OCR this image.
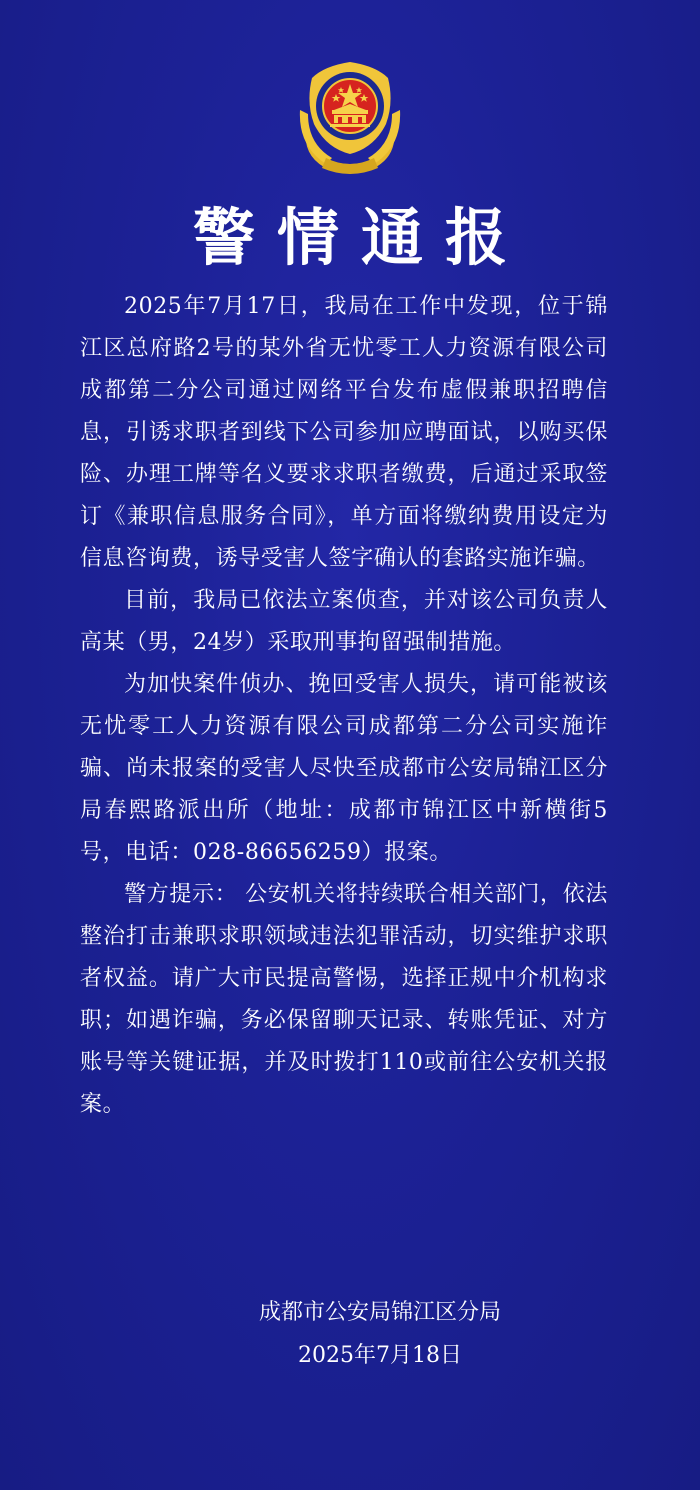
警情通报

2025年7月17日，我局在工作中发现，位于锦江区总府路2号的某外省无忧零工人力资源有限公司成都第二分公司通过网络平台发布虚假兼职招聘信息，引诱求职者到线下公司参加应聘面试，以购买保险、办理工牌等名义要求求职者缴费，后通过采取签订《兼职信息服务合同》，单方面将缴纳费用设定为信息咨询费，诱导受害人签字确认的套路实施诈骗。

目前，我局已依法立案侦查，并对该公司负责人高某（男，24岁）采取刑事拘留强制措施。

为加快案件侦办、挽回受害人损失，请可能被该无忧零工人力资源有限公司成都第二分公司实施诈骗、尚未报案的受害人尽快至成都市公安局锦江区分局春熙路派出所（地址：成都市锦江区中新横街5号，电话：028-86656259）报案。

警方提示： 公安机关将持续联合相关部门，依法整治打击兼职求职领域违法犯罪活动，切实维护求职者权益。请广大市民提高警惕，选择正规中介机构求职；如遇诈骗，务必保留聊天记录、转账凭证、对方账号等关键证据，并及时拨打110或前往公安机关报案。

成都市公安局锦江区分局
2025年7月18日
